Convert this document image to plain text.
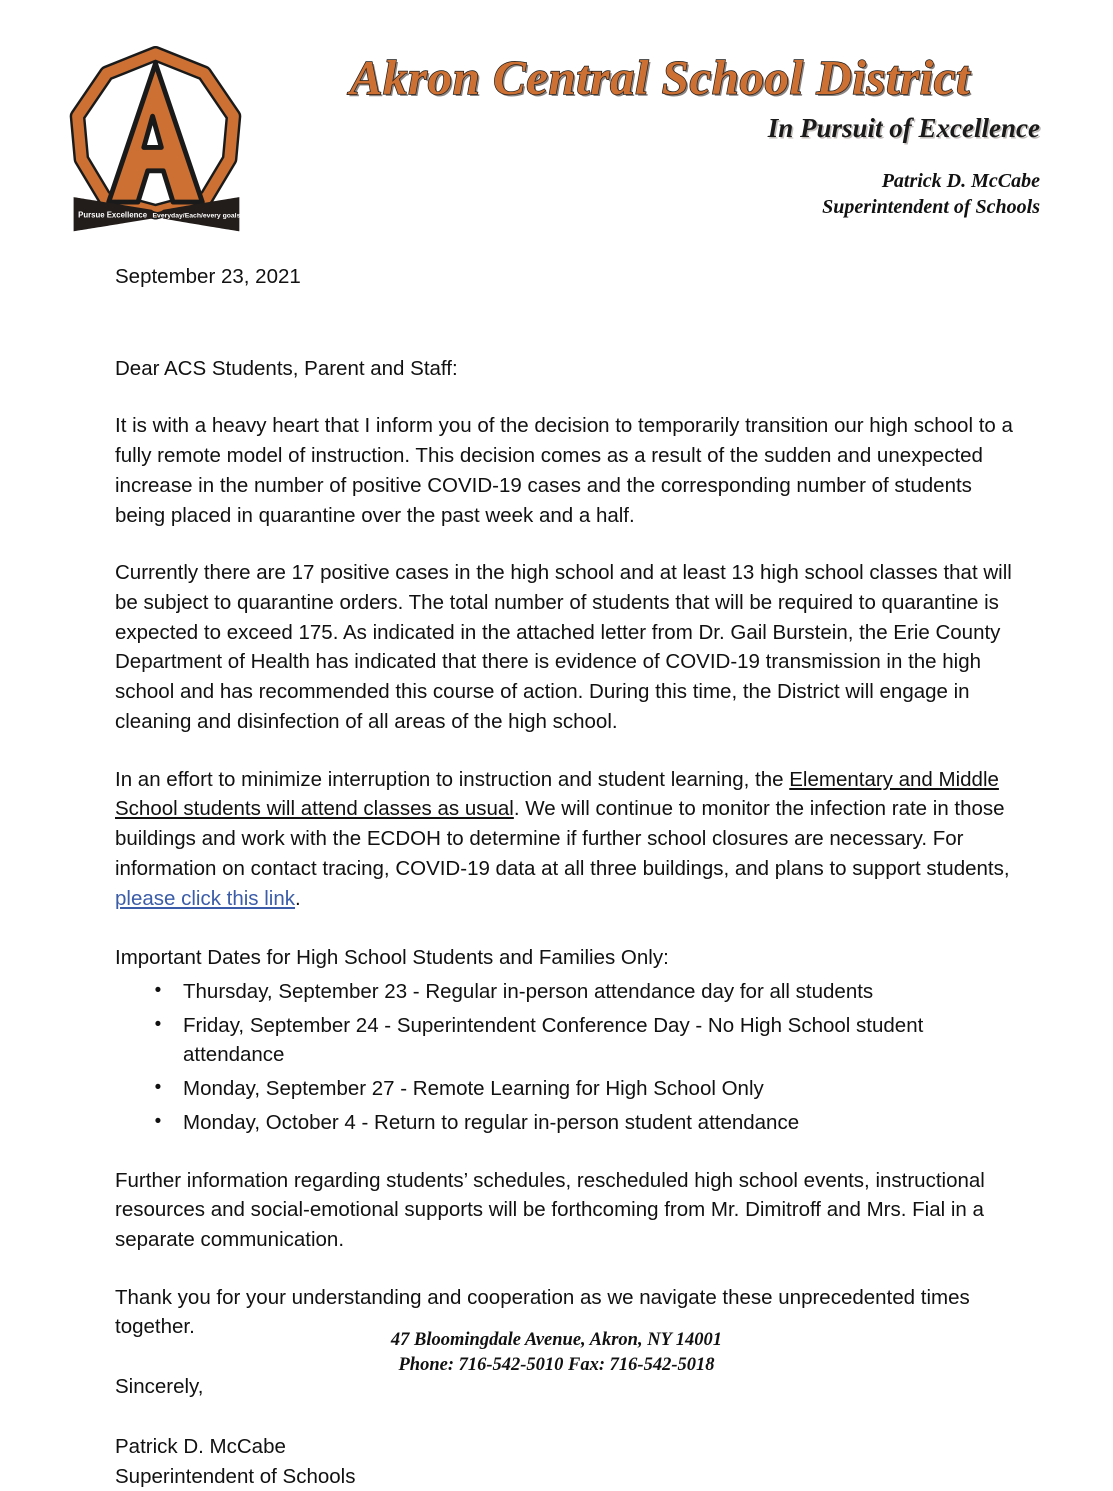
Pursue Excellence Everyday/Each/every goals
Akron Central School District
In Pursuit of Excellence
Patrick D. McCabe
Superintendent of Schools
September 23, 2021
Dear ACS Students, Parent and Staff:

It is with a heavy heart that I inform you of the decision to temporarily transition our high school to a fully remote model of instruction. This decision comes as a result of the sudden and unexpected increase in the number of positive COVID-19 cases and the corresponding number of students being placed in quarantine over the past week and a half.

Currently there are 17 positive cases in the high school and at least 13 high school classes that will be subject to quarantine orders. The total number of students that will be required to quarantine is expected to exceed 175. As indicated in the attached letter from Dr. Gail Burstein, the Erie County Department of Health has indicated that there is evidence of COVID-19 transmission in the high school and has recommended this course of action. During this time, the District will engage in cleaning and disinfection of all areas of the high school.

In an effort to minimize interruption to instruction and student learning, the Elementary and Middle School students will attend classes as usual. We will continue to monitor the infection rate in those buildings and work with the ECDOH to determine if further school closures are necessary. For information on contact tracing, COVID-19 data at all three buildings, and plans to support students, please click this link.

Important Dates for High School Students and Families Only:
• Thursday, September 23 - Regular in-person attendance day for all students
• Friday, September 24 - Superintendent Conference Day - No High School student attendance
• Monday, September 27 - Remote Learning for High School Only
• Monday, October 4 - Return to regular in-person student attendance

Further information regarding students’ schedules, rescheduled high school events, instructional resources and social-emotional supports will be forthcoming from Mr. Dimitroff and Mrs. Fial in a separate communication.

Thank you for your understanding and cooperation as we navigate these unprecedented times together.

Sincerely,
Patrick D. McCabe
Superintendent of Schools
47 Bloomingdale Avenue, Akron, NY 14001
Phone: 716-542-5010 Fax: 716-542-5018
